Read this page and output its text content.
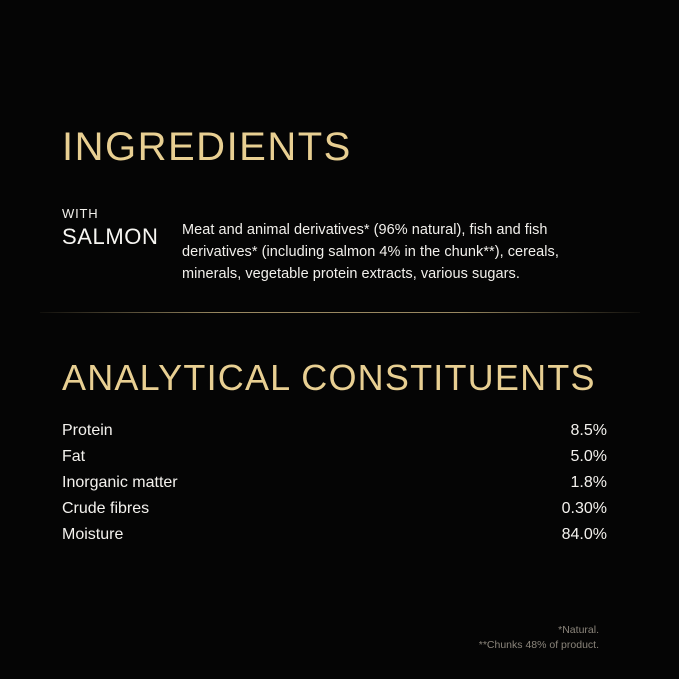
INGREDIENTS
WITH
SALMON	Meat and animal derivatives* (96% natural), fish and fish derivatives* (including salmon 4% in the chunk**), cereals, minerals, vegetable protein extracts, various sugars.

ANALYTICAL CONSTITUENTS
Protein .....	8.5%
Fat .....	5.0%
Inorganic matter .....	1.8%
Crude fibres .....	0.30%
Moisture .....	84.0%
*Natural.
**Chunks 48% of product.
